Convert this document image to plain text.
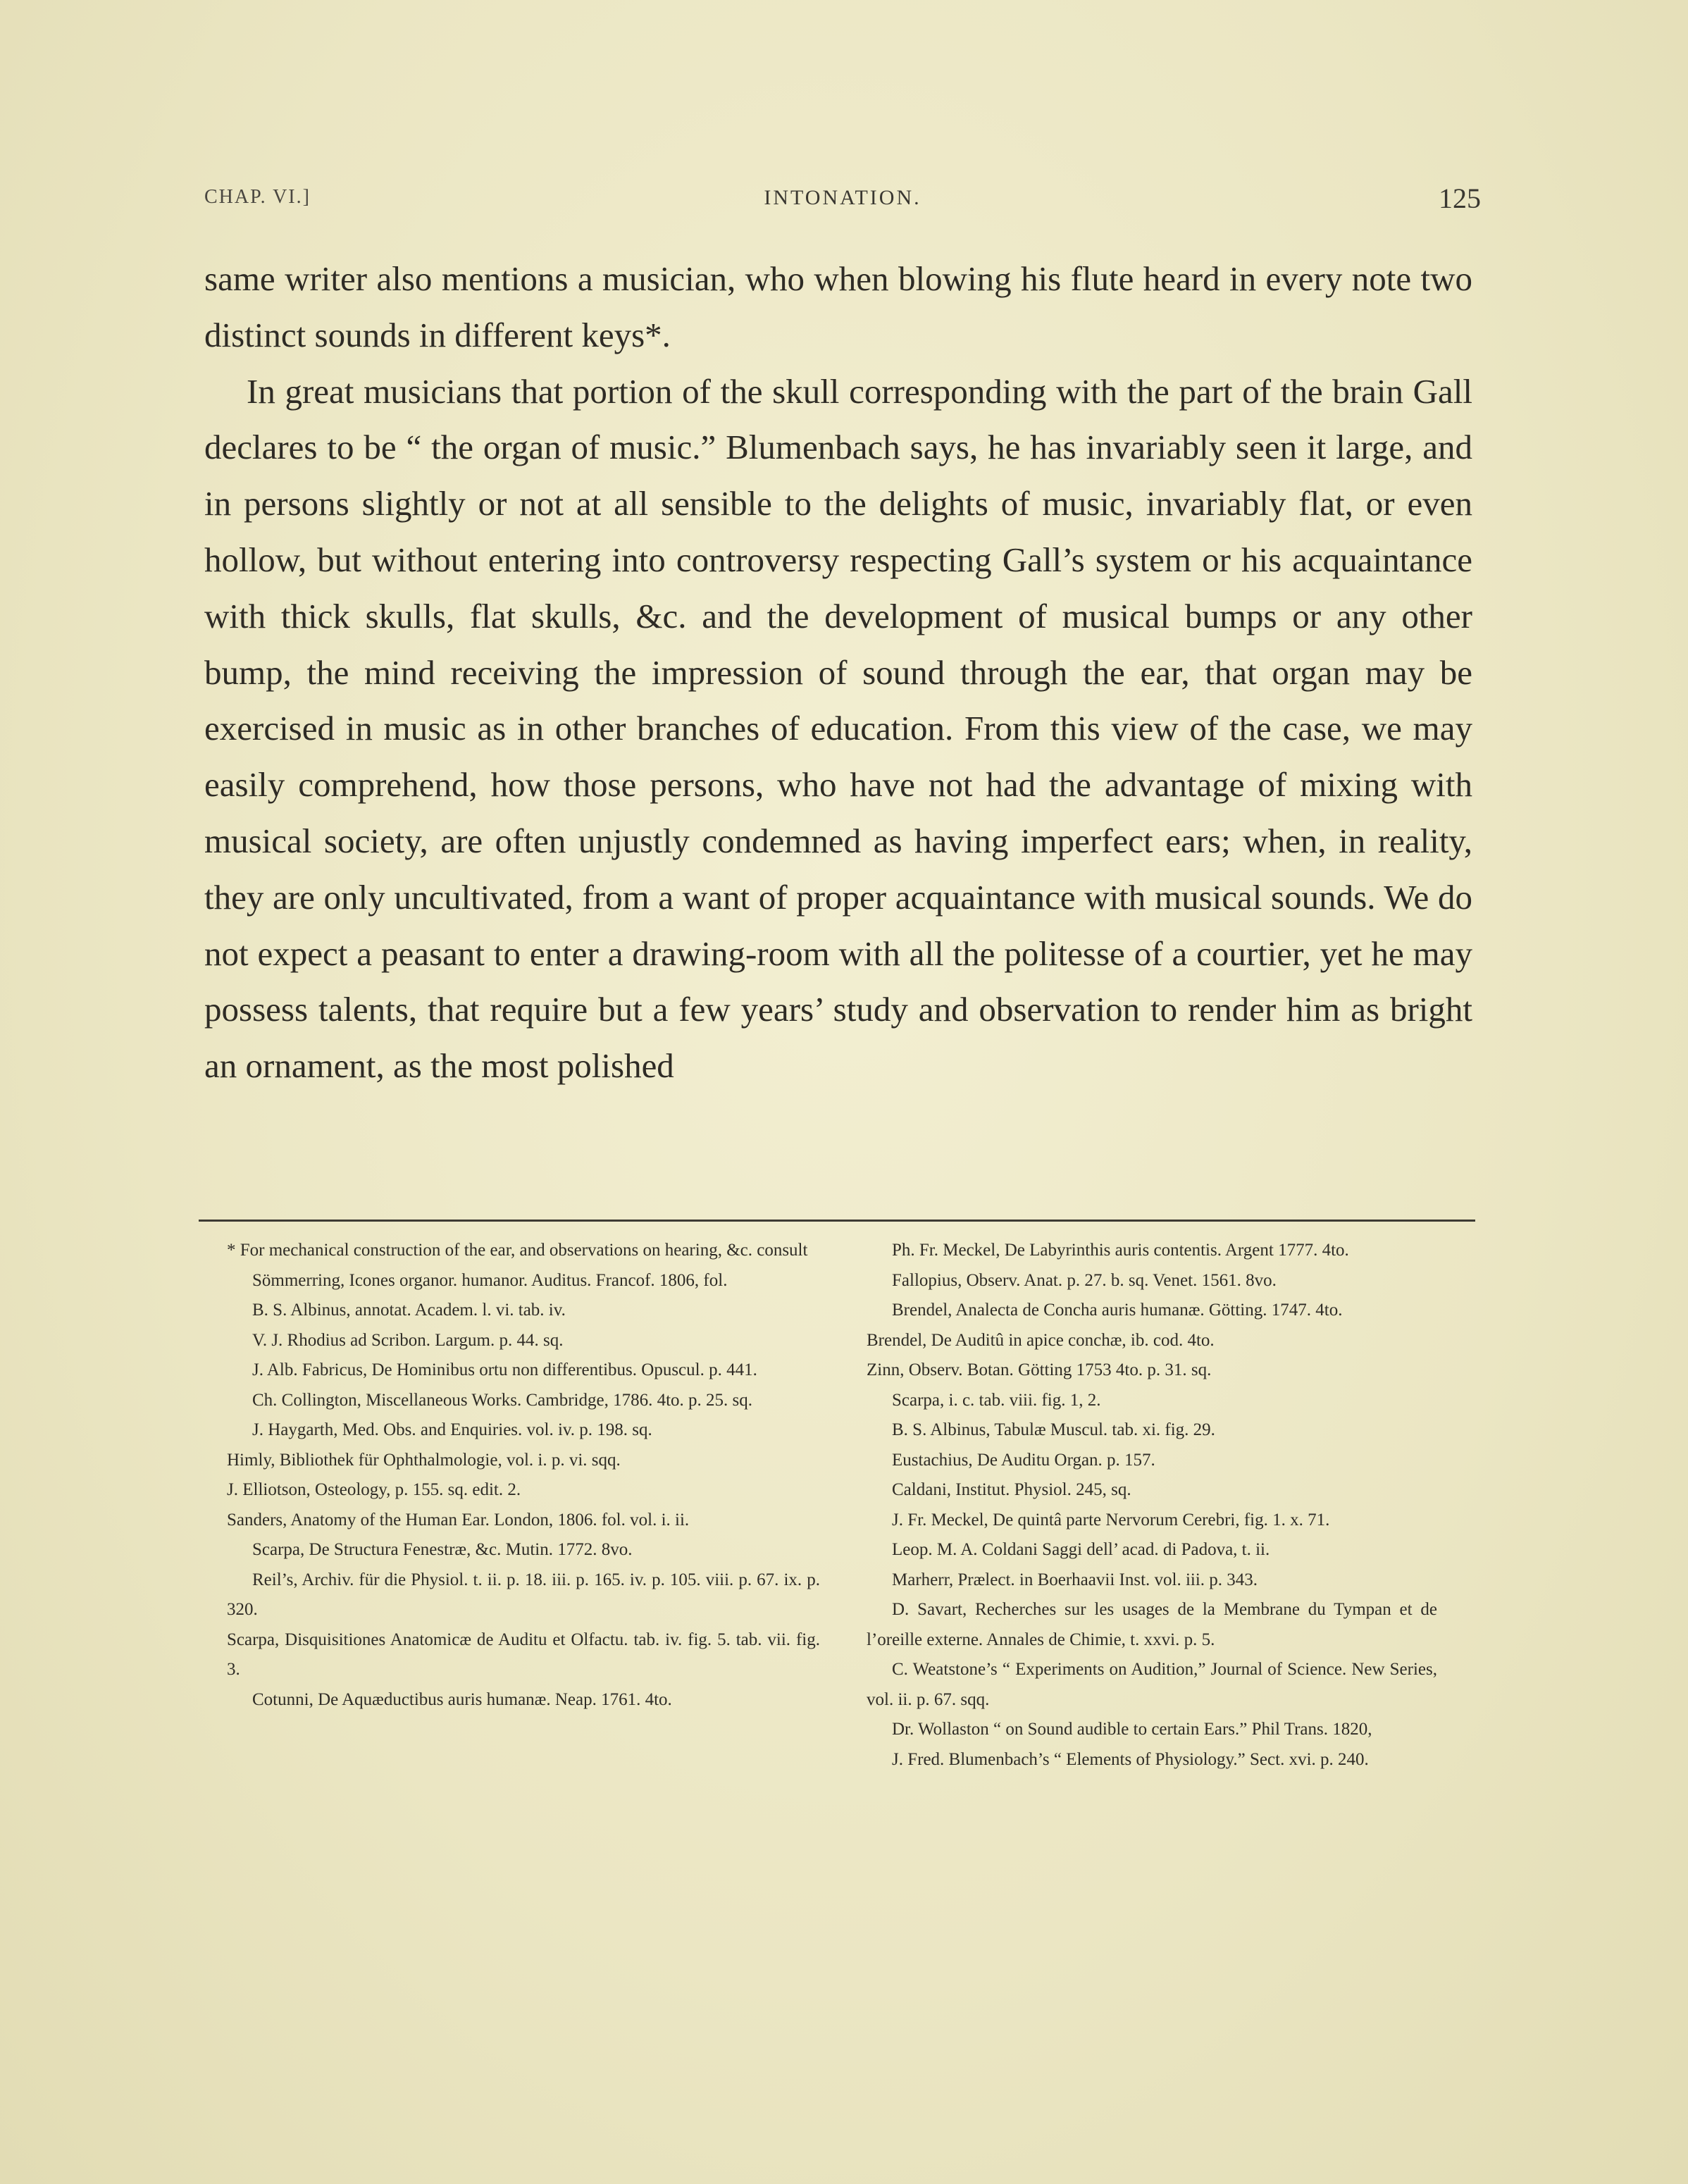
CHAP. VI.]	INTONATION.	125

same writer also mentions a musician, who when blowing his flute heard in every note two distinct sounds in different keys*.

In great musicians that portion of the skull corresponding with the part of the brain Gall declares to be “ the organ of music.” Blumenbach says, he has invariably seen it large, and in persons slightly or not at all sensible to the delights of music, invariably flat, or even hollow, but without entering into controversy respecting Gall’s system or his acquaintance with thick skulls, flat skulls, &c. and the development of musical bumps or any other bump, the mind receiving the impression of sound through the ear, that organ may be exercised in music as in other branches of education. From this view of the case, we may easily comprehend, how those persons, who have not had the advantage of mixing with musical society, are often unjustly condemned as having imperfect ears; when, in reality, they are only uncultivated, from a want of proper acquaintance with musical sounds. We do not expect a peasant to enter a drawing-room with all the politesse of a courtier, yet he may possess talents, that require but a few years’ study and observation to render him as bright an ornament, as the most polished

* For mechanical construction of the ear, and observations on hearing, &c. consult

Sömmerring, Icones organor. humanor. Auditus. Francof. 1806, fol.

B. S. Albinus, annotat. Academ. l. vi. tab. iv.

V. J. Rhodius ad Scribon. Largum. p. 44. sq.

J. Alb. Fabricus, De Hominibus ortu non differentibus. Opuscul. p. 441.

Ch. Collington, Miscellaneous Works. Cambridge, 1786. 4to. p. 25. sq.

J. Haygarth, Med. Obs. and Enquiries. vol. iv. p. 198. sq.

Himly, Bibliothek für Ophthalmologie, vol. i. p. vi. sqq.

J. Elliotson, Osteology, p. 155. sq. edit. 2.

Sanders, Anatomy of the Human Ear. London, 1806. fol. vol. i. ii.

Scarpa, De Structura Fenestræ, &c. Mutin. 1772. 8vo.

Reil’s, Archiv. für die Physiol. t. ii. p. 18. iii. p. 165. iv. p. 105. viii. p. 67. ix. p. 320.

Scarpa, Disquisitiones Anatomicæ de Auditu et Olfactu. tab. iv. fig. 5. tab. vii. fig. 3.

Cotunni, De Aquæductibus auris humanæ. Neap. 1761. 4to.

Ph. Fr. Meckel, De Labyrinthis auris contentis. Argent 1777. 4to.

Fallopius, Observ. Anat. p. 27. b. sq. Venet. 1561. 8vo.

Brendel, Analecta de Concha auris humanæ. Götting. 1747. 4to.

Brendel, De Auditû in apice conchæ, ib. cod. 4to.

Zinn, Observ. Botan. Götting 1753 4to. p. 31. sq.

Scarpa, i. c. tab. viii. fig. 1, 2.

B. S. Albinus, Tabulæ Muscul. tab. xi. fig. 29.

Eustachius, De Auditu Organ. p. 157.

Caldani, Institut. Physiol. 245, sq.

J. Fr. Meckel, De quintâ parte Nervorum Cerebri, fig. 1. x. 71.

Leop. M. A. Coldani Saggi dell’ acad. di Padova, t. ii.

Marherr, Prælect. in Boerhaavii Inst. vol. iii. p. 343.

D. Savart, Recherches sur les usages de la Membrane du Tympan et de l’oreille externe. Annales de Chimie, t. xxvi. p. 5.

C. Weatstone’s “ Experiments on Audition,” Journal of Science. New Series, vol. ii. p. 67. sqq.

Dr. Wollaston “ on Sound audible to certain Ears.” Phil Trans. 1820,

J. Fred. Blumenbach’s “ Elements of Physiology.” Sect. xvi. p. 240.
